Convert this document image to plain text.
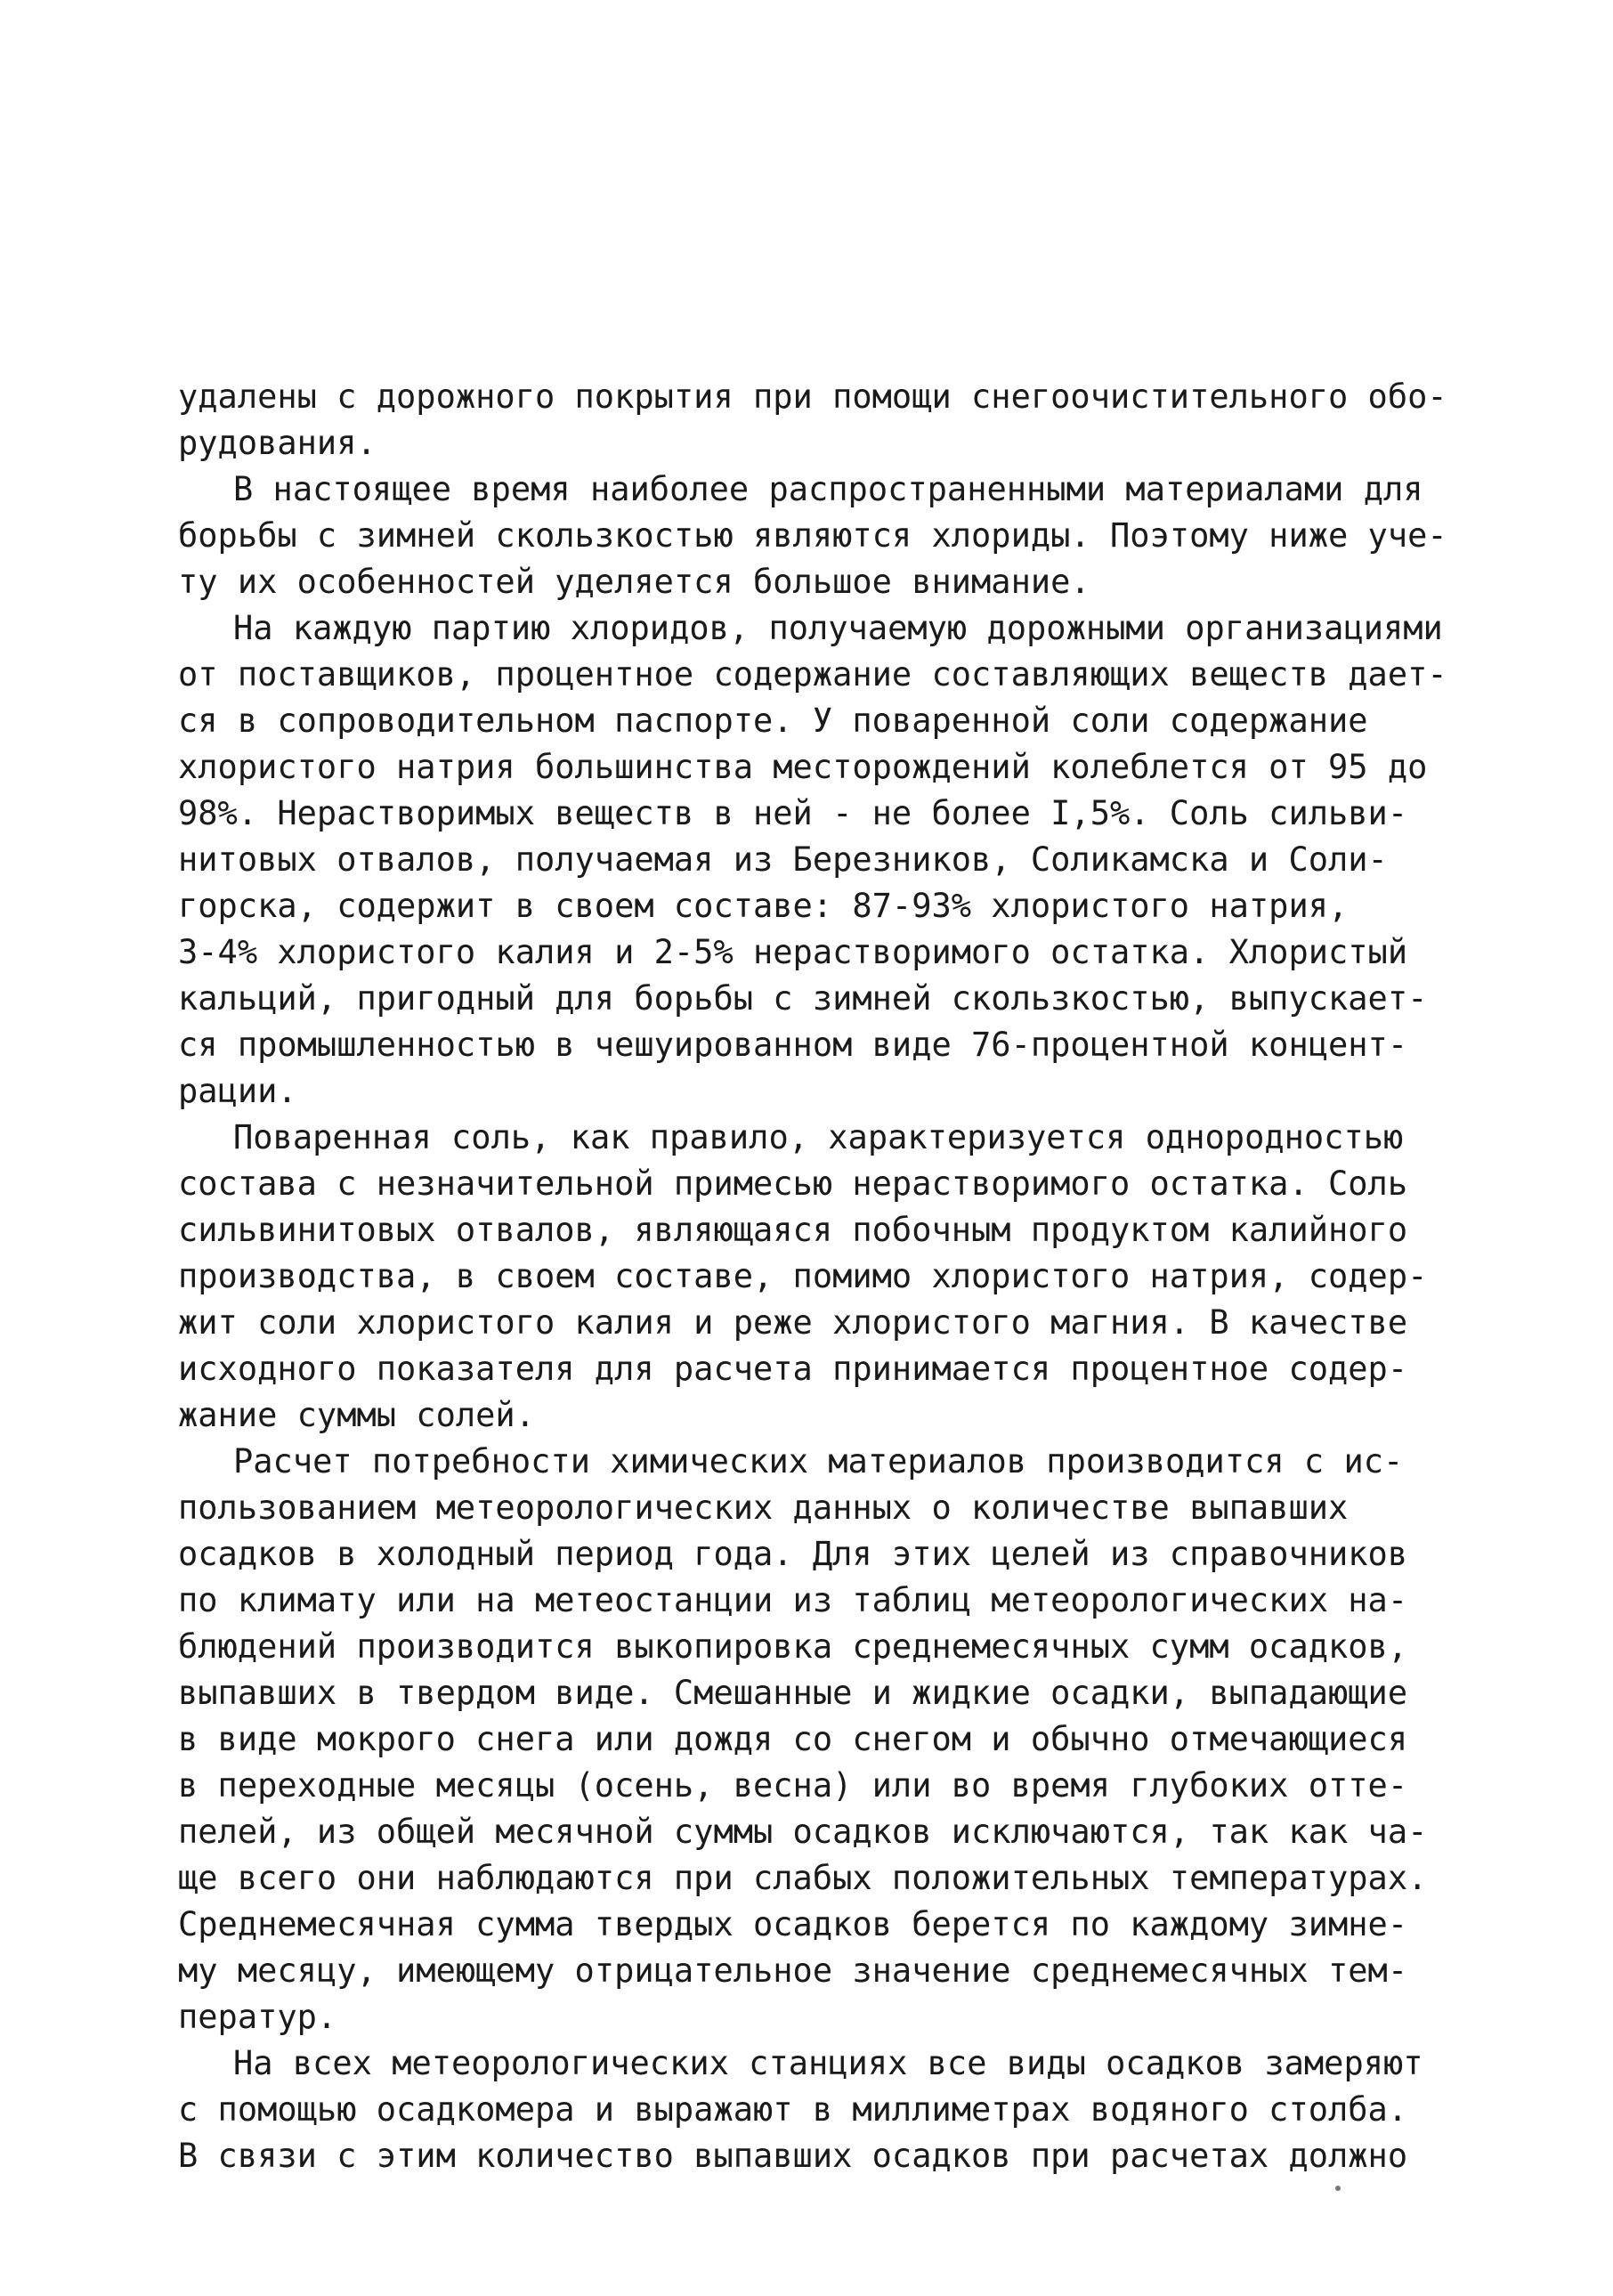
удалены с дорожного покрытия при помощи снегоочистительного обо-
рудования.
В настоящее время наиболее распространенными материалами для
борьбы с зимней скользкостью являются хлориды. Поэтому ниже уче-
ту их особенностей уделяется большое внимание.
На каждую партию хлоридов, получаемую дорожными организациями
от поставщиков, процентное содержание составляющих веществ дает-
ся в сопроводительном паспорте. У поваренной соли содержание
хлористого натрия большинства месторождений колеблется от 95 до
98%. Нерастворимых веществ в ней - не более I,5%. Соль сильви-
нитовых отвалов, получаемая из Березников, Соликамска и Соли-
горска, содержит в своем составе: 87-93% хлористого натрия,
3-4% хлористого калия и 2-5% нерастворимого остатка. Хлористый
кальций, пригодный для борьбы с зимней скользкостью, выпускает-
ся промышленностью в чешуированном виде 76-процентной концент-
рации.
Поваренная соль, как правило, характеризуется однородностью
состава с незначительной примесью нерастворимого остатка. Соль
сильвинитовых отвалов, являющаяся побочным продуктом калийного
производства, в своем составе, помимо хлористого натрия, содер-
жит соли хлористого калия и реже хлористого магния. В качестве
исходного показателя для расчета принимается процентное содер-
жание суммы солей.
Расчет потребности химических материалов производится с ис-
пользованием метеорологических данных о количестве выпавших
осадков в холодный период года. Для этих целей из справочников
по климату или на метеостанции из таблиц метеорологических на-
блюдений производится выкопировка среднемесячных сумм осадков,
выпавших в твердом виде. Смешанные и жидкие осадки, выпадающие
в виде мокрого снега или дождя со снегом и обычно отмечающиеся
в переходные месяцы (осень, весна) или во время глубоких отте-
пелей, из общей месячной суммы осадков исключаются, так как ча-
ще всего они наблюдаются при слабых положительных температурах.
Среднемесячная сумма твердых осадков берется по каждому зимне-
му месяцу, имеющему отрицательное значение среднемесячных тем-
ператур.
На всех метеорологических станциях все виды осадков замеряют
с помощью осадкомера и выражают в миллиметрах водяного столба.
В связи с этим количество выпавших осадков при расчетах должно
